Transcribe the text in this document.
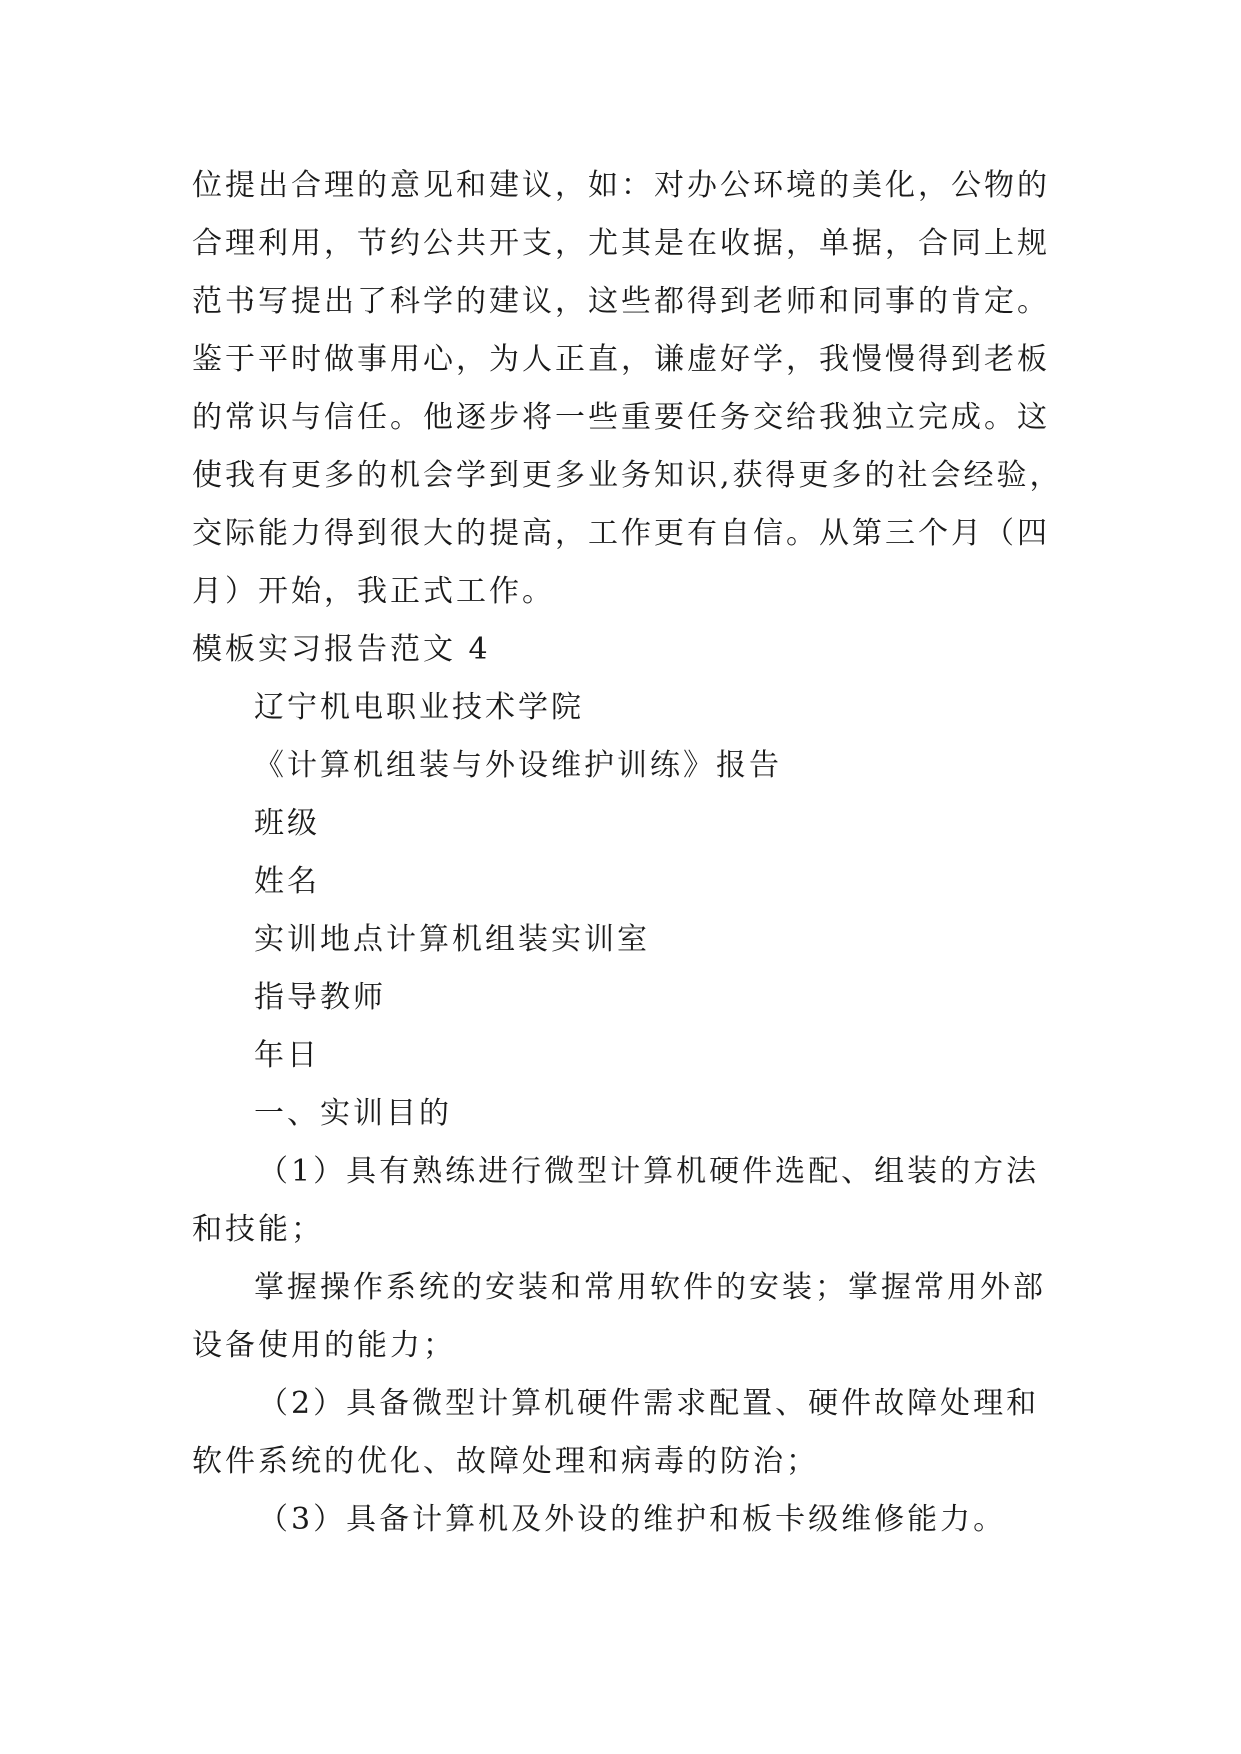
位提出合理的意见和建议，如：对办公环境的美化，公物的

合理利用，节约公共开支，尤其是在收据，单据，合同上规

范书写提出了科学的建议，这些都得到老师和同事的肯定。

鉴于平时做事用心，为人正直，谦虚好学，我慢慢得到老板

的常识与信任。他逐步将一些重要任务交给我独立完成。这

使我有更多的机会学到更多业务知识,获得更多的社会经验，

交际能力得到很大的提高，工作更有自信。从第三个月（四

月）开始，我正式工作。

模板实习报告范文 4

辽宁机电职业技术学院

《计算机组装与外设维护训练》报告

班级

姓名

实训地点计算机组装实训室

指导教师

年日

一、实训目的

（1）具有熟练进行微型计算机硬件选配、组装的方法

和技能；

掌握操作系统的安装和常用软件的安装；掌握常用外部

设备使用的能力；

（2）具备微型计算机硬件需求配置、硬件故障处理和

软件系统的优化、故障处理和病毒的防治；

（3）具备计算机及外设的维护和板卡级维修能力。
